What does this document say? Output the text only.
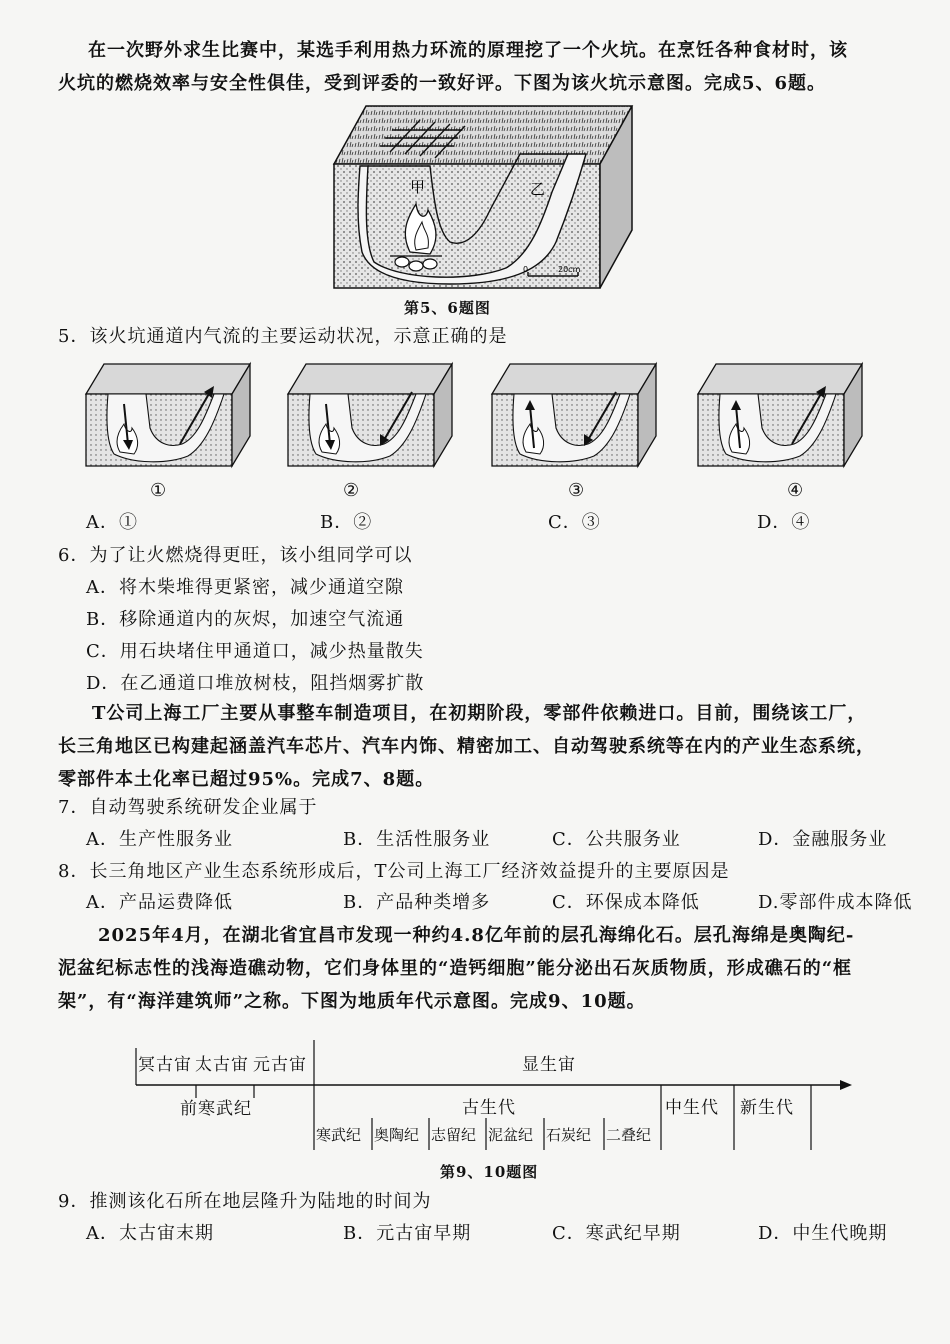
在一次野外求生比赛中，某选手利用热力环流的原理挖了一个火坑。在烹饪各种食材时，该
火坑的燃烧效率与安全性俱佳，受到评委的一致好评。下图为该火坑示意图。完成5、6题。
0	20cm
甲	乙
第5、6题图
5．该火坑通道内气流的主要运动状况，示意正确的是
①	②	③	④
A．①	B．②	C．③	D．④
6．为了让火燃烧得更旺，该小组同学可以
A．将木柴堆得更紧密，减少通道空隙
B．移除通道内的灰烬，加速空气流通
C．用石块堵住甲通道口，减少热量散失
D．在乙通道口堆放树枝，阻挡烟雾扩散
T公司上海工厂主要从事整车制造项目，在初期阶段，零部件依赖进口。目前，围绕该工厂，
长三角地区已构建起涵盖汽车芯片、汽车内饰、精密加工、自动驾驶系统等在内的产业生态系统，
零部件本土化率已超过95%。完成7、8题。
7．自动驾驶系统研发企业属于
A．生产性服务业	B．生活性服务业	C．公共服务业	D．金融服务业
8．长三角地区产业生态系统形成后，T公司上海工厂经济效益提升的主要原因是
A．产品运费降低	B．产品种类增多	C．环保成本降低	D.零部件成本降低
2025年4月，在湖北省宜昌市发现一种约4.8亿年前的层孔海绵化石。层孔海绵是奥陶纪-
泥盆纪标志性的浅海造礁动物，它们身体里的“造钙细胞”能分泌出石灰质物质，形成礁石的“框
架”，有“海洋建筑师”之称。下图为地质年代示意图。完成9、10题。
冥古宙 太古宙 元古宙	显生宙
前寒武纪	古生代	中生代 新生代
寒武纪 奥陶纪 志留纪 泥盆纪 石炭纪 二叠纪
第9、10题图
9．推测该化石所在地层隆升为陆地的时间为
A．太古宙末期	B．元古宙早期	C．寒武纪早期	D．中生代晚期
